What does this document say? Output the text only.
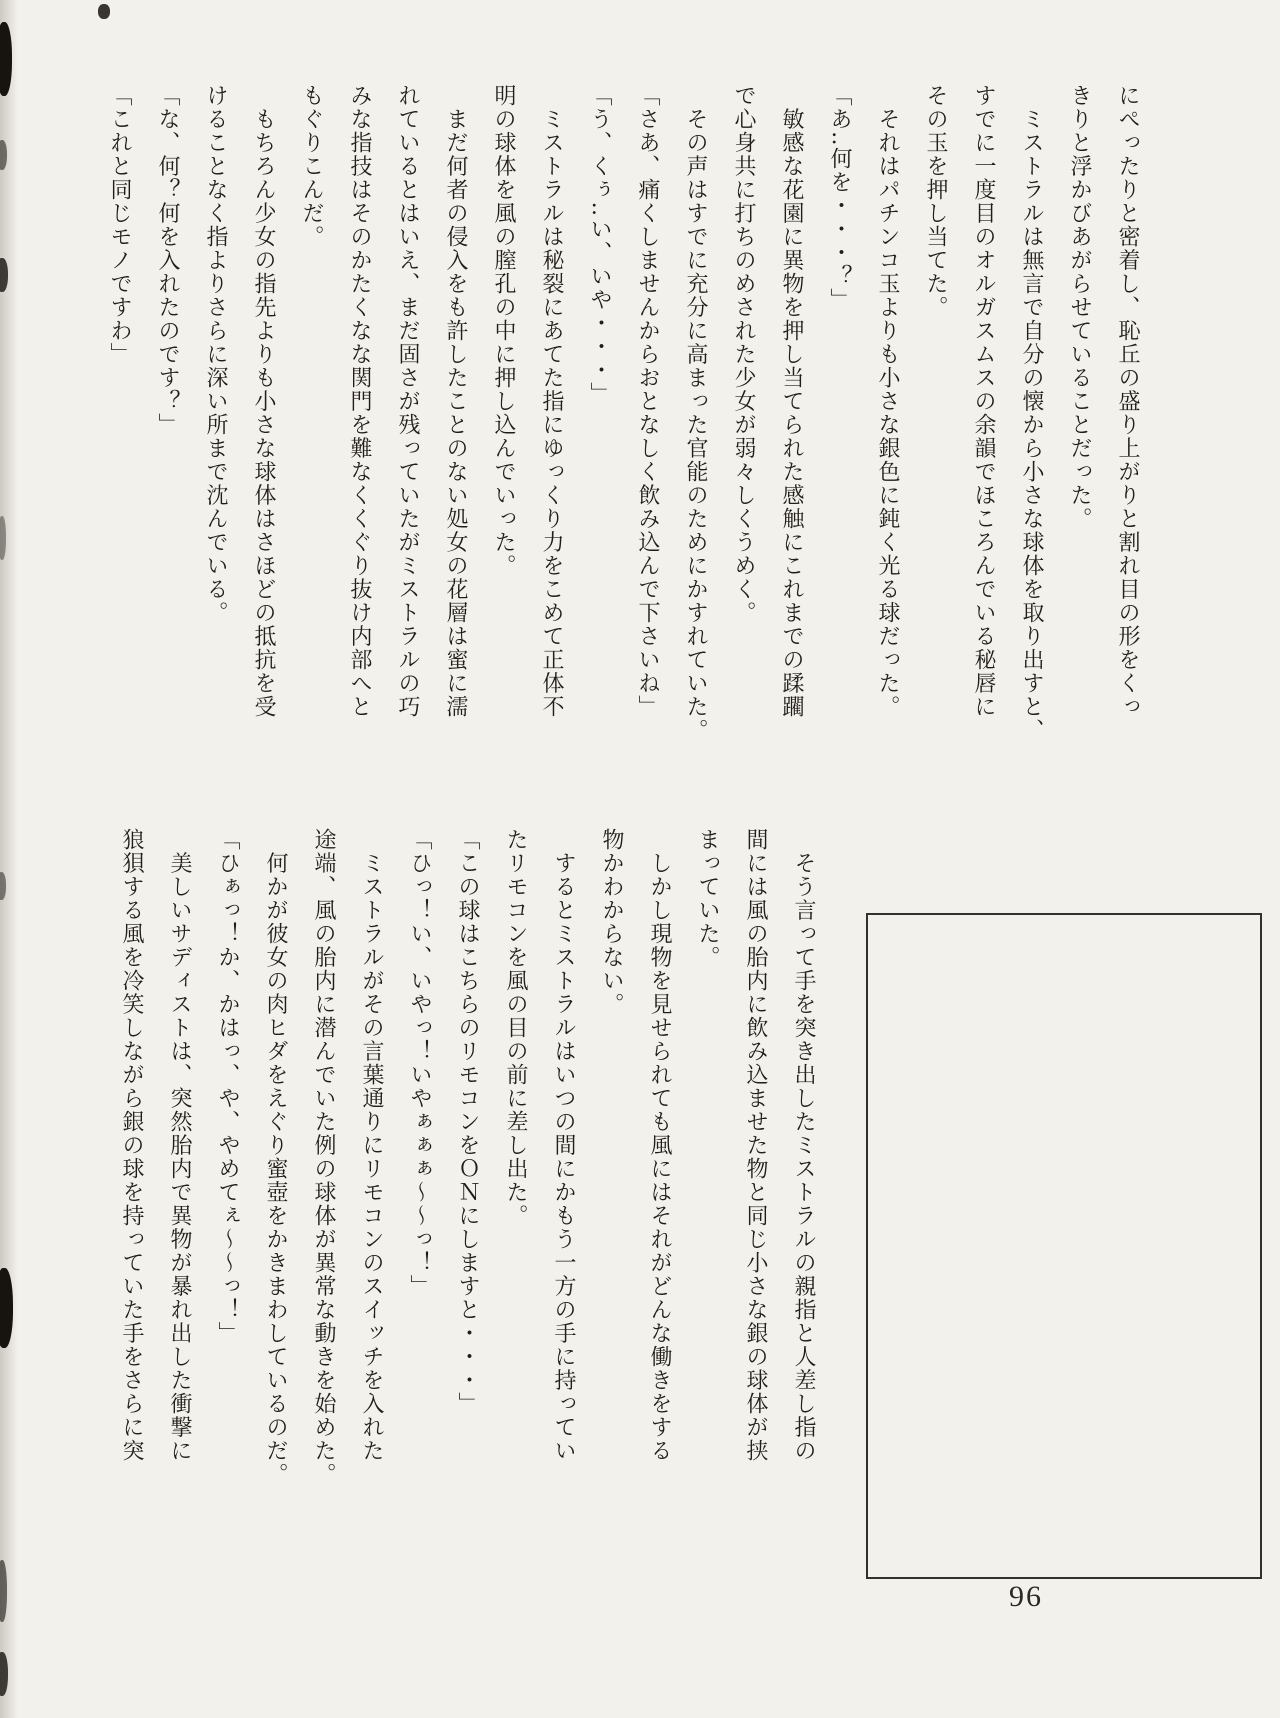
にぺったりと密着し、恥丘の盛り上がりと割れ目の形をくっ

きりと浮かびあがらせていることだった。

　ミストラルは無言で自分の懐から小さな球体を取り出すと、

すでに一度目のオルガスムスの余韻でほころんでいる秘唇に

その玉を押し当てた。

　それはパチンコ玉よりも小さな銀色に鈍く光る球だった。

「あ‥何を・・・？」

　敏感な花園に異物を押し当てられた感触にこれまでの蹂躙

で心身共に打ちのめされた少女が弱々しくうめく。

　その声はすでに充分に高まった官能のためにかすれていた。

「さあ、痛くしませんからおとなしく飲み込んで下さいね」

「う、くぅ‥い、いや・・・」

　ミストラルは秘裂にあてた指にゆっくり力をこめて正体不

明の球体を風の膣孔の中に押し込んでいった。

　まだ何者の侵入をも許したことのない処女の花層は蜜に濡

れているとはいえ、まだ固さが残っていたがミストラルの巧

みな指技はそのかたくなな関門を難なくくぐり抜け内部へと

もぐりこんだ。

　もちろん少女の指先よりも小さな球体はさほどの抵抗を受

けることなく指よりさらに深い所まで沈んでいる。

「な、何？何を入れたのです？」

「これと同じモノですわ」

　そう言って手を突き出したミストラルの親指と人差し指の

間には風の胎内に飲み込ませた物と同じ小さな銀の球体が挟

まっていた。

　しかし現物を見せられても風にはそれがどんな働きをする

物かわからない。

　するとミストラルはいつの間にかもう一方の手に持ってい

たリモコンを風の目の前に差し出た。

「この球はこちらのリモコンをＯＮにしますと・・・」

「ひっ！い、いやっ！いやぁぁぁ～～っ！」

　ミストラルがその言葉通りにリモコンのスイッチを入れた

途端、風の胎内に潜んでいた例の球体が異常な動きを始めた。

　何かが彼女の肉ヒダをえぐり蜜壺をかきまわしているのだ。

「ひぁっ！か、かはっ、や、やめてぇ～～っ！」

　美しいサディストは、突然胎内で異物が暴れ出した衝撃に

狼狽する風を冷笑しながら銀の球を持っていた手をさらに突

96
